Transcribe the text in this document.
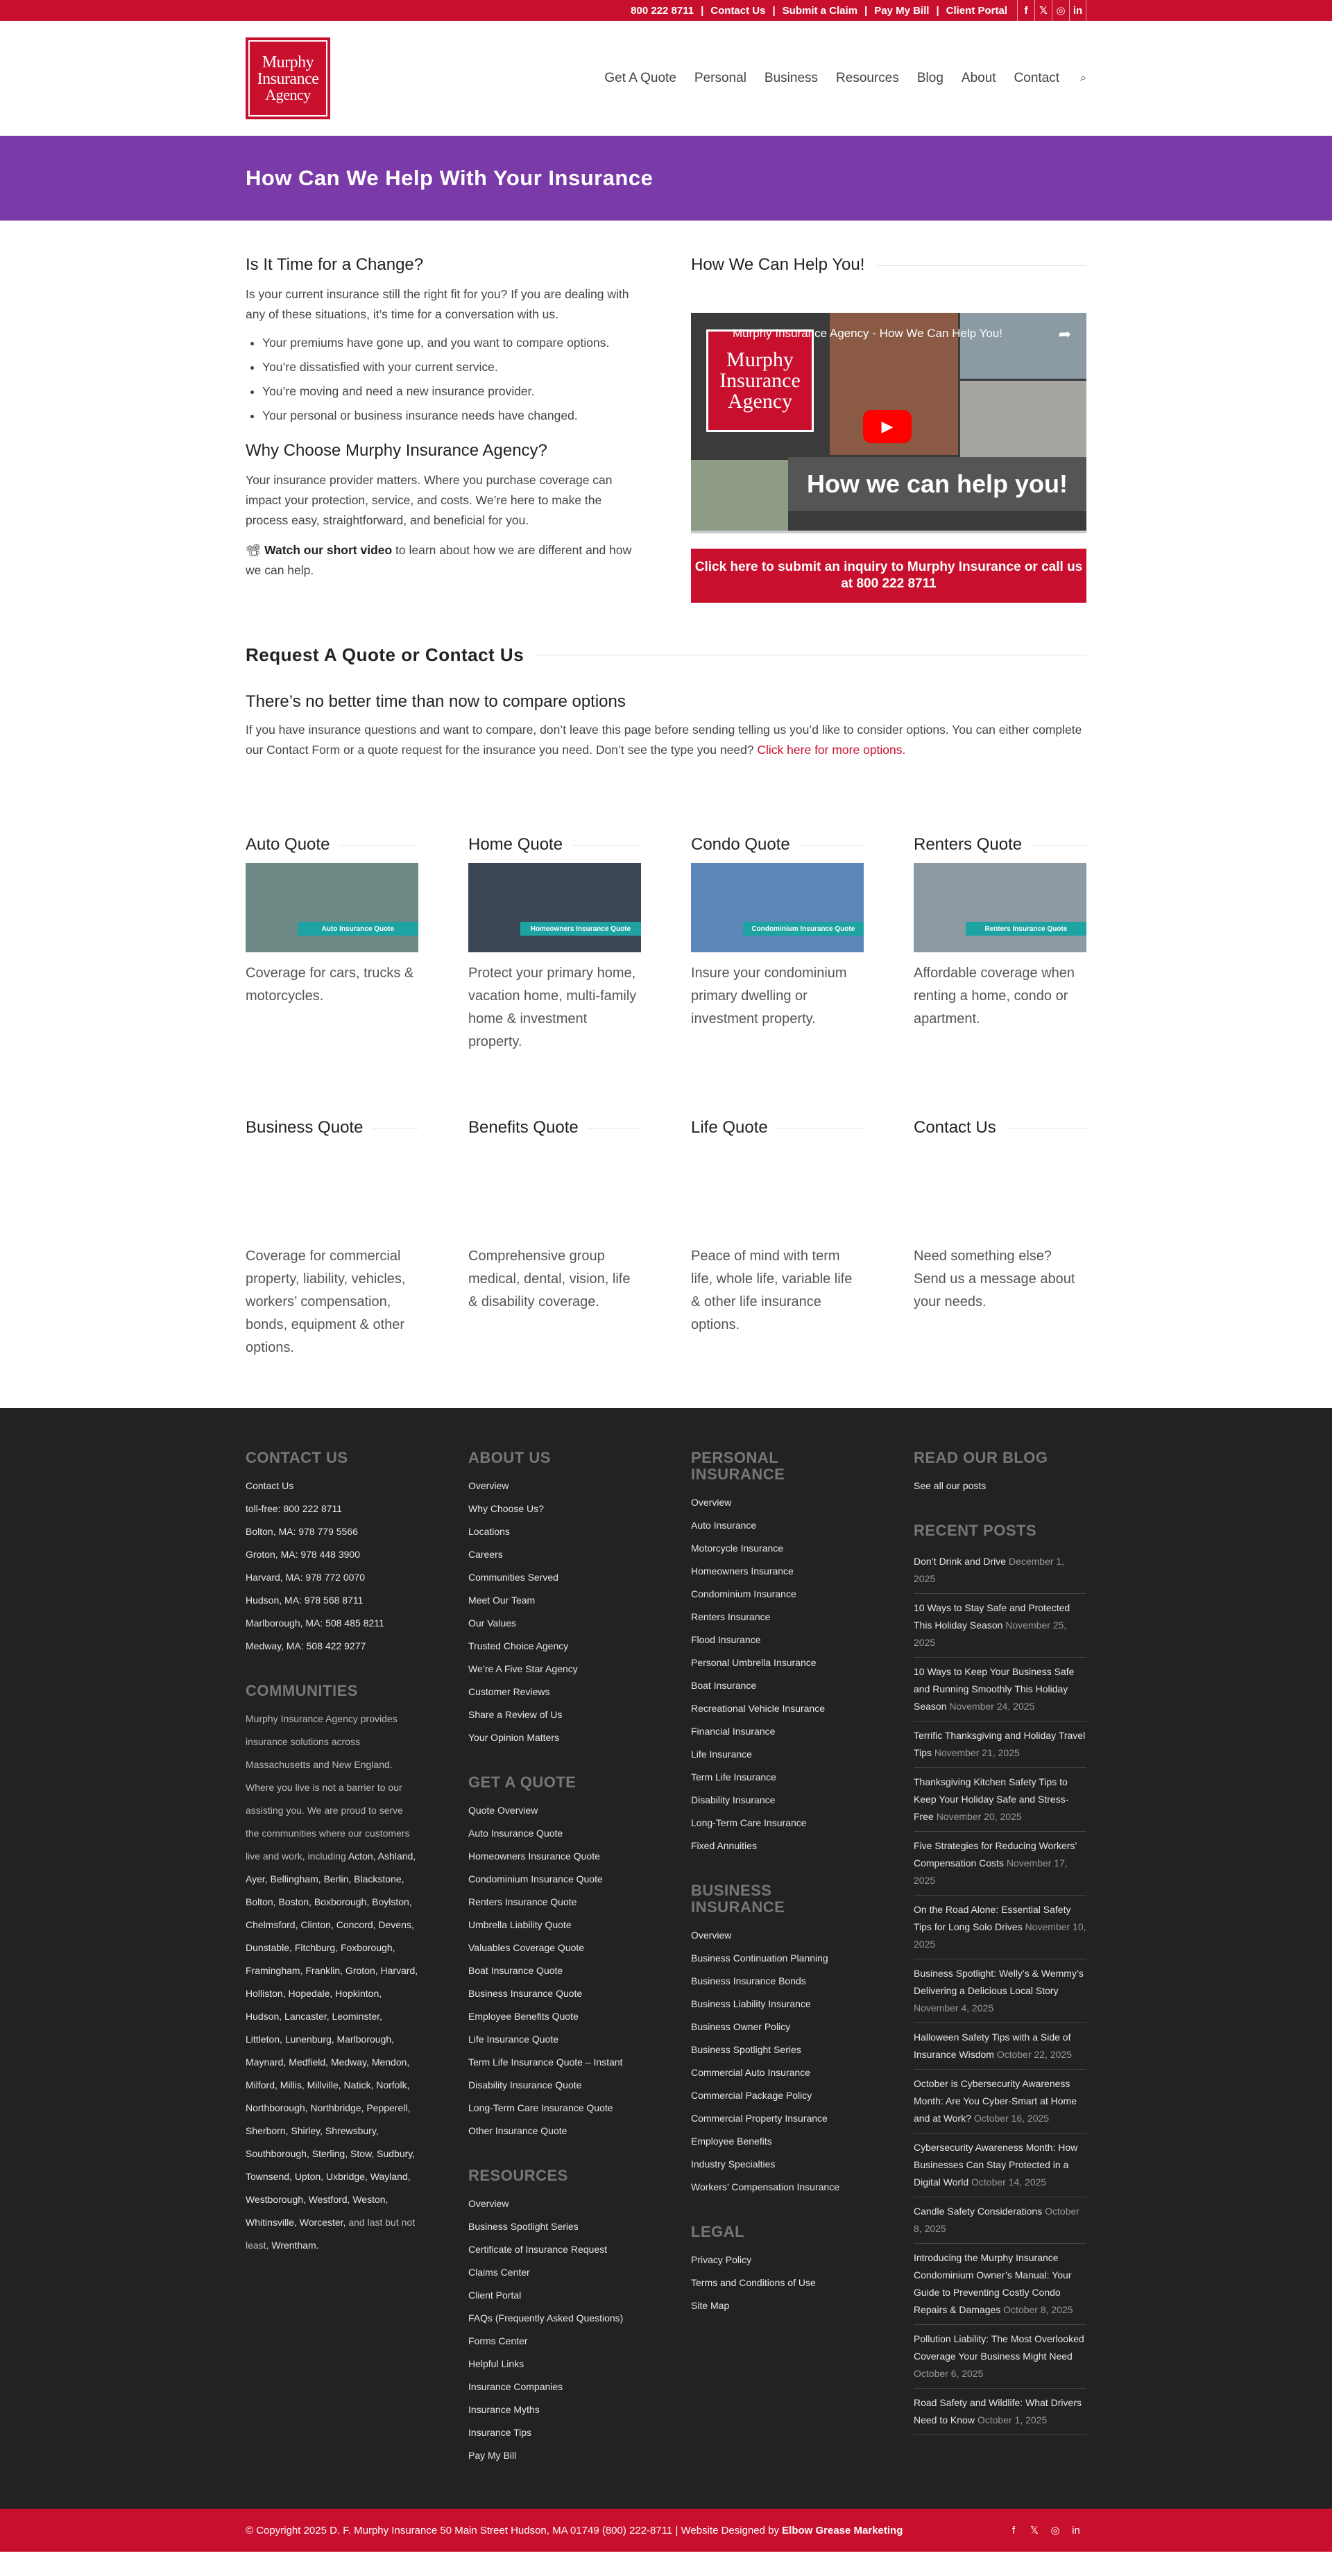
800 222 8711 | Contact Us | Submit a Claim | Pay My Bill | Client Portal	f	𝕏 ◎ in
Murphy
Insurance
Agency
Get A Quote Personal Business Resources Blog About Contact ⌕
How Can We Help With Your Insurance
Is It Time for a Change?

Is your current insurance still the right fit for you? If you are dealing with any of these situations, it’s time for a conversation with us.

• Your premiums have gone up, and you want to compare options.
• You’re dissatisfied with your current service.
• You’re moving and need a new insurance provider.
• Your personal or business insurance needs have changed.
Why Choose Murphy Insurance Agency?

Your insurance provider matters. Where you purchase coverage can impact your protection, service, and costs. We’re here to make the process easy, straightforward, and beneficial for you.

📽 Watch our short video to learn about how we are different and how we can help.

How We Can Help You!
Murphy
Insurance
Agency
Murphy Insurance Agency - How We Can Help You!	➦
How we can help you!
▶
Click here to submit an inquiry to Murphy Insurance or call us at 800 222 8711
Request A Quote or Contact Us
There’s no better time than now to compare options

If you have insurance questions and want to compare, don’t leave this page before sending telling us you’d like to consider options. You can either complete our Contact Form or a quote request for the insurance you need. Don’t see the type you need? Click here for more options.

Auto Quote
Auto Insurance Quote

Coverage for cars, trucks & motorcycles.

Home Quote
Homeowners Insurance Quote

Protect your primary home, vacation home, multi-family home & investment property.

Condo Quote
Condominium Insurance Quote

Insure your condominium primary dwelling or investment property.

Renters Quote
Renters Insurance Quote

Affordable coverage when renting a home, condo or apartment.

Business Quote

Coverage for commercial property, liability, vehicles, workers’ compensation, bonds, equipment & other options.

Benefits Quote

Comprehensive group medical, dental, vision, life & disability coverage.

Life Quote

Peace of mind with term life, whole life, variable life & other life insurance options.

Contact Us

Need something else? Send us a message about your needs.

CONTACT US
Contact Us
toll-free: 800 222 8711
Bolton, MA: 978 779 5566
Groton, MA: 978 448 3900
Harvard, MA: 978 772 0070
Hudson, MA: 978 568 8711
Marlborough, MA: 508 485 8211
Medway, MA: 508 422 9277
COMMUNITIES

Murphy Insurance Agency provides insurance solutions across Massachusetts and New England. Where you live is not a barrier to our assisting you. We are proud to serve the communities where our customers live and work, including Acton, Ashland, Ayer, Bellingham, Berlin, Blackstone, Bolton, Boston, Boxborough, Boylston, Chelmsford, Clinton, Concord, Devens, Dunstable, Fitchburg, Foxborough, Framingham, Franklin, Groton, Harvard, Holliston, Hopedale, Hopkinton, Hudson, Lancaster, Leominster, Littleton, Lunenburg, Marlborough, Maynard, Medfield, Medway, Mendon, Milford, Millis, Millville, Natick, Norfolk, Northborough, Northbridge, Pepperell, Sherborn, Shirley, Shrewsbury, Southborough, Sterling, Stow, Sudbury, Townsend, Upton, Uxbridge, Wayland, Westborough, Westford, Weston, Whitinsville, Worcester, and last but not least, Wrentham.

ABOUT US
Overview
Why Choose Us?
Locations
Careers
Communities Served
Meet Our Team
Our Values
Trusted Choice Agency
We’re A Five Star Agency
Customer Reviews
Share a Review of Us
Your Opinion Matters
GET A QUOTE
Quote Overview
Auto Insurance Quote
Homeowners Insurance Quote
Condominium Insurance Quote
Renters Insurance Quote
Umbrella Liability Quote
Valuables Coverage Quote
Boat Insurance Quote
Business Insurance Quote
Employee Benefits Quote
Life Insurance Quote
Term Life Insurance Quote – Instant
Disability Insurance Quote
Long-Term Care Insurance Quote
Other Insurance Quote
RESOURCES
Overview
Business Spotlight Series
Certificate of Insurance Request
Claims Center
Client Portal
FAQs (Frequently Asked Questions)
Forms Center
Helpful Links
Insurance Companies
Insurance Myths
Insurance Tips
Pay My Bill
PERSONAL INSURANCE
Overview
Auto Insurance
Motorcycle Insurance
Homeowners Insurance
Condominium Insurance
Renters Insurance
Flood Insurance
Personal Umbrella Insurance
Boat Insurance
Recreational Vehicle Insurance
Financial Insurance
Life Insurance
Term Life Insurance
Disability Insurance
Long-Term Care Insurance
Fixed Annuities
BUSINESS INSURANCE
Overview
Business Continuation Planning
Business Insurance Bonds
Business Liability Insurance
Business Owner Policy
Business Spotlight Series
Commercial Auto Insurance
Commercial Package Policy
Commercial Property Insurance
Employee Benefits
Industry Specialties
Workers’ Compensation Insurance
LEGAL
Privacy Policy
Terms and Conditions of Use
Site Map
READ OUR BLOG
See all our posts
RECENT POSTS
Don’t Drink and Drive December 1, 2025
10 Ways to Stay Safe and Protected This Holiday Season November 25, 2025
10 Ways to Keep Your Business Safe and Running Smoothly This Holiday Season November 24, 2025
Terrific Thanksgiving and Holiday Travel Tips November 21, 2025
Thanksgiving Kitchen Safety Tips to Keep Your Holiday Safe and Stress-Free November 20, 2025
Five Strategies for Reducing Workers’ Compensation Costs November 17, 2025
On the Road Alone: Essential Safety Tips for Long Solo Drives November 10, 2025
Business Spotlight: Welly’s & Wemmy’s Delivering a Delicious Local Story November 4, 2025
Halloween Safety Tips with a Side of Insurance Wisdom October 22, 2025
October is Cybersecurity Awareness Month: Are You Cyber-Smart at Home and at Work? October 16, 2025
Cybersecurity Awareness Month: How Businesses Can Stay Protected in a Digital World October 14, 2025
Candle Safety Considerations October 8, 2025
Introducing the Murphy Insurance Condominium Owner’s Manual: Your Guide to Preventing Costly Condo Repairs & Damages October 8, 2025
Pollution Liability: The Most Overlooked Coverage Your Business Might Need October 6, 2025
Road Safety and Wildlife: What Drivers Need to Know October 1, 2025
© Copyright 2025 D. F. Murphy Insurance 50 Main Street Hudson, MA 01749 (800) 222-8711 | Website Designed by Elbow Grease Marketing	f	𝕏	◎	in
